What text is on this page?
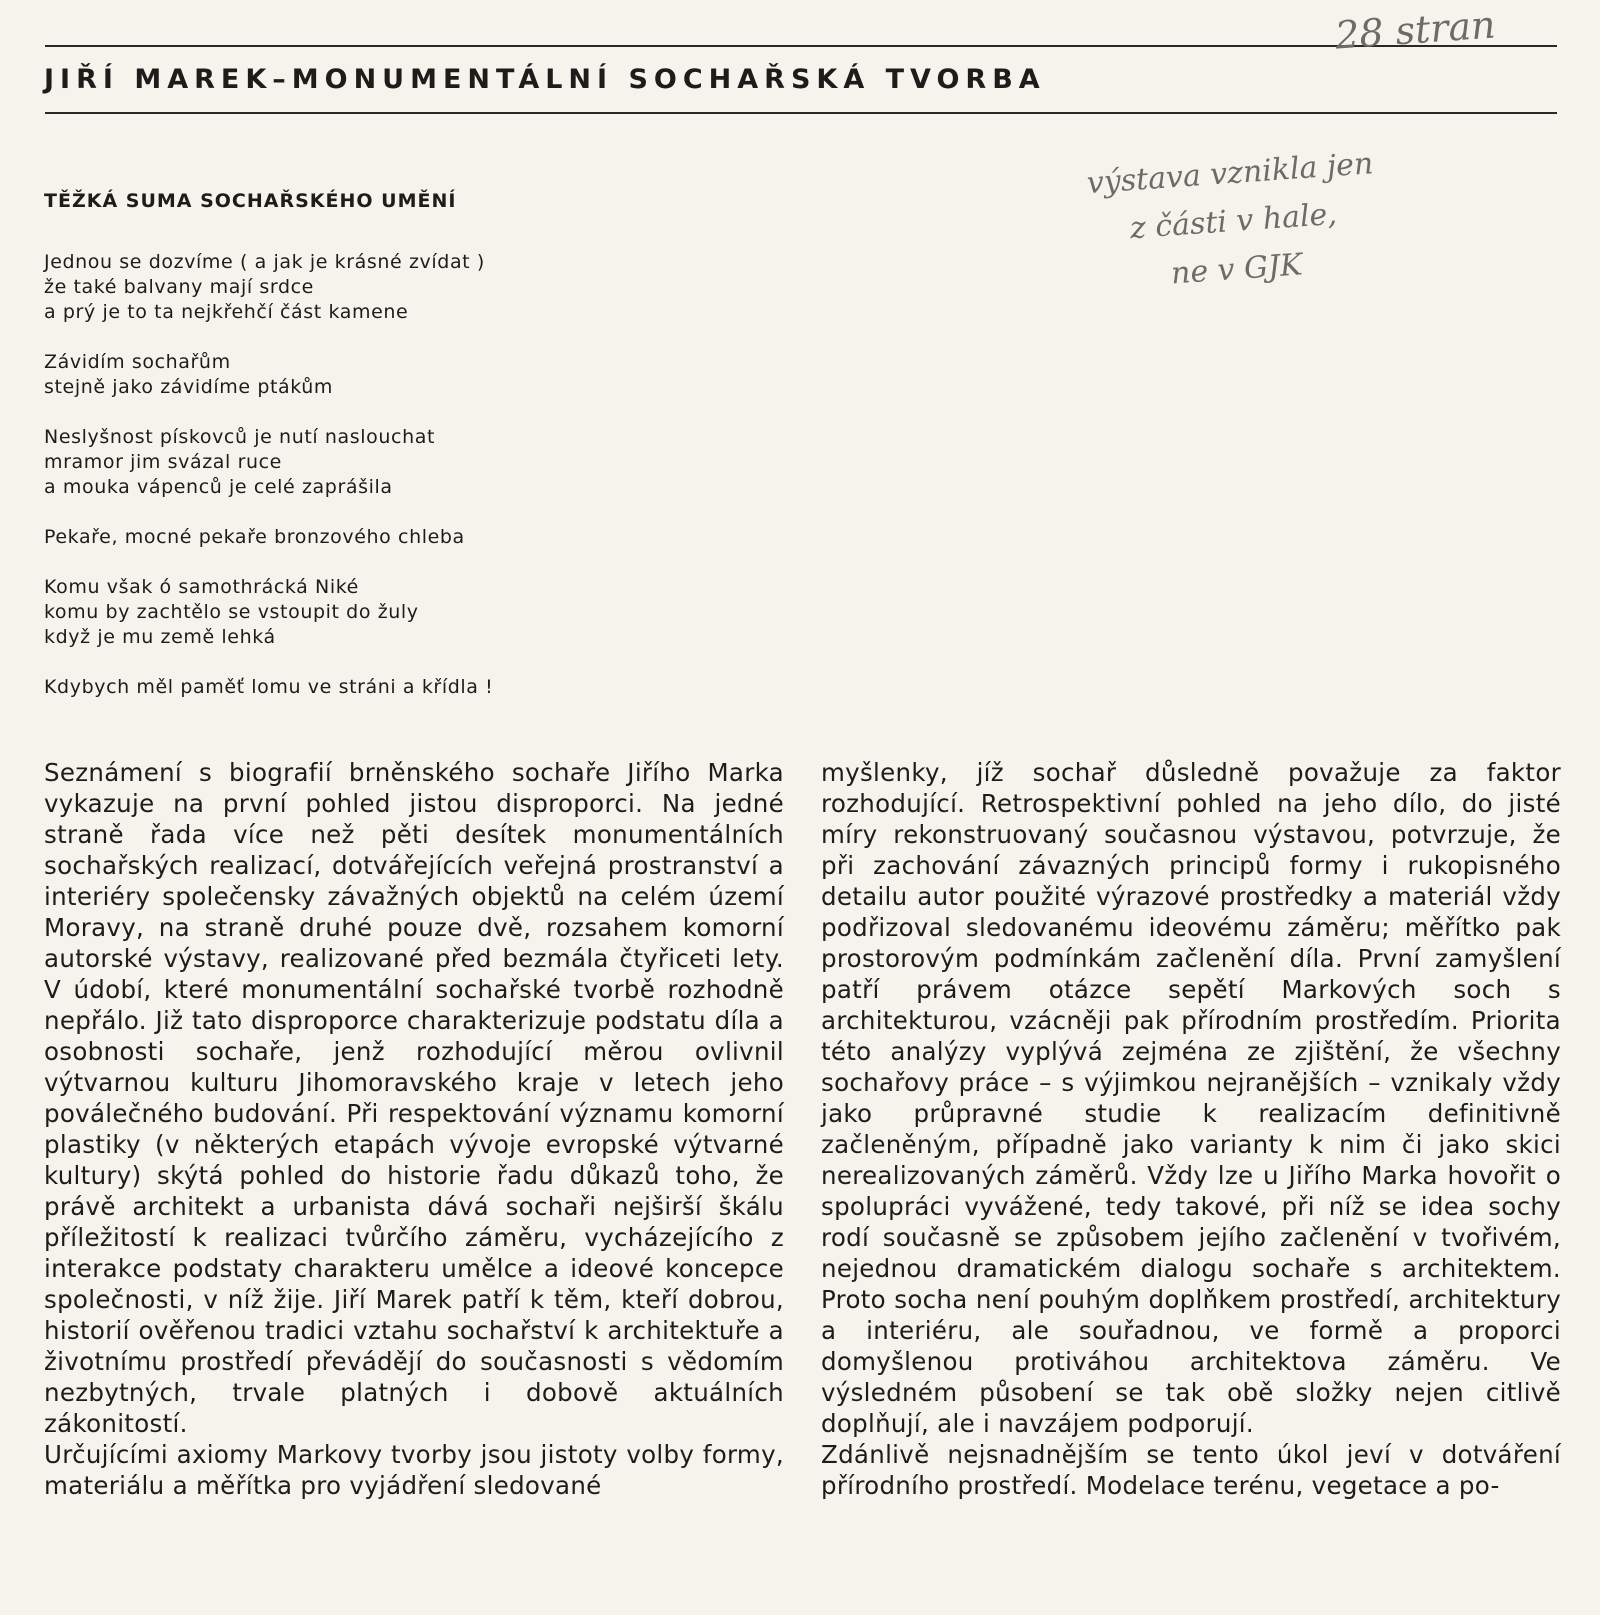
JIŘÍ MAREK–MONUMENTÁLNÍ SOCHAŘSKÁ TVORBA
28 stran
výstava vznikla jen
z části v hale,
ne v GJK
TĚŽKÁ SUMA SOCHAŘSKÉHO UMĚNÍ
Jednou se dozvíme ( a jak je krásné zvídat )
že také balvany mají srdce
a prý je to ta nejkřehčí část kamene
Závidím sochařům
stejně jako závidíme ptákům
Neslyšnost pískovců je nutí naslouchat
mramor jim svázal ruce
a mouka vápenců je celé zaprášila
Pekaře, mocné pekaře bronzového chleba
Komu však ó samothrácká Niké
komu by zachtělo se vstoupit do žuly
když je mu země lehká
Kdybych měl paměť lomu ve stráni a křídla !

Seznámení s biografií brněnského sochaře Jiřího Marka vykazuje na první pohled jistou disproporci. Na jedné straně řada více než pěti desítek monumentálních sochařských realizací, dotvářejících veřejná prostranství a interiéry společensky závažných objektů na celém území Moravy, na straně druhé pouze dvě, rozsahem komorní autorské výstavy, realizované před bezmála čtyřiceti lety. V údobí, které monumentální sochařské tvorbě rozhodně nepřálo. Již tato disproporce charakterizuje podstatu díla a osobnosti sochaře, jenž rozhodující měrou ovlivnil výtvarnou kulturu Jihomoravského kraje v letech jeho poválečného budování. Při respektování významu komorní plastiky (v některých etapách vývoje evropské výtvarné kultury) skýtá pohled do historie řadu důkazů toho, že právě architekt a urbanista dává sochaři nejširší škálu příležitostí k realizaci tvůrčího záměru, vycházejícího z interakce podstaty charakteru umělce a ideové koncepce společnosti, v níž žije. Jiří Marek patří k těm, kteří dobrou, historií ověřenou tradici vztahu sochařství k architektuře a životnímu prostředí převádějí do současnosti s vědomím nezbytných, trvale platných i dobově aktuálních zákonitostí.

Určujícími axiomy Markovy tvorby jsou jistoty volby formy, materiálu a měřítka pro vyjádření sledované

myšlenky, jíž sochař důsledně považuje za faktor rozhodující. Retrospektivní pohled na jeho dílo, do jisté míry rekonstruovaný současnou výstavou, potvrzuje, že při zachování závazných principů formy i rukopisného detailu autor použité výrazové prostředky a materiál vždy podřizoval sledovanému ideovému záměru; měřítko pak prostorovým podmínkám začlenění díla. První zamyšlení patří právem otázce sepětí Markových soch s architekturou, vzácněji pak přírodním prostředím. Priorita této analýzy vyplývá zejména ze zjištění, že všechny sochařovy práce – s výjimkou nejranějších – vznikaly vždy jako průpravné studie k realizacím definitivně začleněným, případně jako varianty k nim či jako skici nerealizovaných záměrů. Vždy lze u Jiřího Marka hovořit o spolupráci vyvážené, tedy takové, při níž se idea sochy rodí současně se způsobem jejího začlenění v tvořivém, nejednou dramatickém dialogu sochaře s architektem. Proto socha není pouhým doplňkem prostředí, architektury a interiéru, ale souřadnou, ve formě a proporci domyšlenou protiváhou architektova záměru. Ve výsledném působení se tak obě složky nejen citlivě doplňují, ale i navzájem podporují.

Zdánlivě nejsnadnějším se tento úkol jeví v dotváření přírodního prostředí. Modelace terénu, vegetace a po-
